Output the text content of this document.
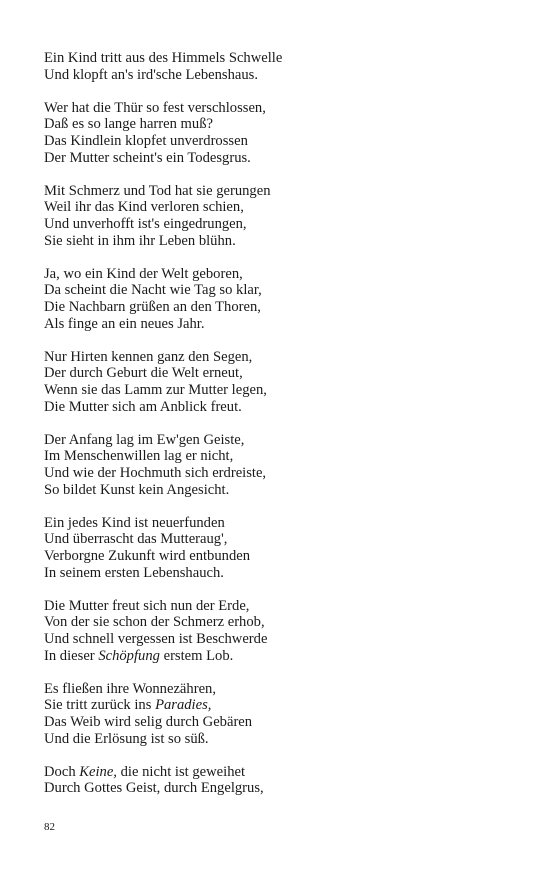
Ein Kind tritt aus des Himmels Schwelle
Und klopft an's ird'sche Lebenshaus.
Wer hat die Thür so fest verschlossen,
Daß es so lange harren muß?
Das Kindlein klopfet unverdrossen
Der Mutter scheint's ein Todesgrus.
Mit Schmerz und Tod hat sie gerungen
Weil ihr das Kind verloren schien,
Und unverhofft ist's eingedrungen,
Sie sieht in ihm ihr Leben blühn.
Ja, wo ein Kind der Welt geboren,
Da scheint die Nacht wie Tag so klar,
Die Nachbarn grüßen an den Thoren,
Als finge an ein neues Jahr.
Nur Hirten kennen ganz den Segen,
Der durch Geburt die Welt erneut,
Wenn sie das Lamm zur Mutter legen,
Die Mutter sich am Anblick freut.
Der Anfang lag im Ew'gen Geiste,
Im Menschenwillen lag er nicht,
Und wie der Hochmuth sich erdreiste,
So bildet Kunst kein Angesicht.
Ein jedes Kind ist neuerfunden
Und überrascht das Mutteraug',
Verborgne Zukunft wird entbunden
In seinem ersten Lebenshauch.
Die Mutter freut sich nun der Erde,
Von der sie schon der Schmerz erhob,
Und schnell vergessen ist Beschwerde
In dieser Schöpfung erstem Lob.
Es fließen ihre Wonnezähren,
Sie tritt zurück ins Paradies,
Das Weib wird selig durch Gebären
Und die Erlösung ist so süß.
Doch Keine, die nicht ist geweihet
Durch Gottes Geist, durch Engelgrus,
82
